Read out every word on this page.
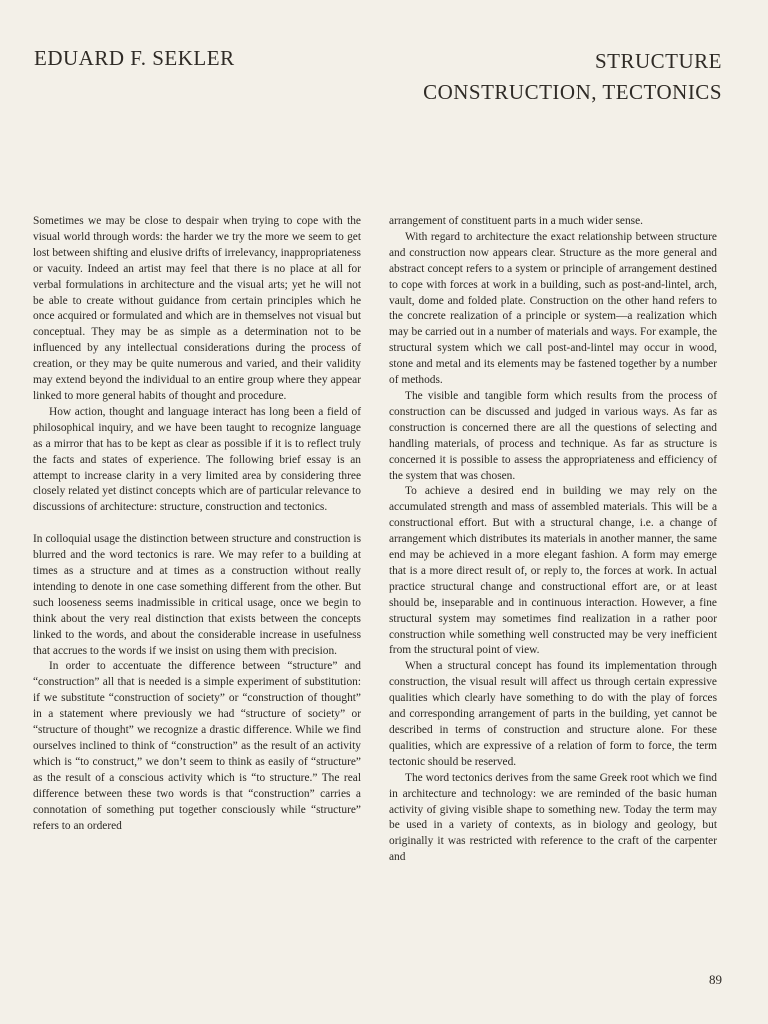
EDUARD F. SEKLER	STRUCTURE
CONSTRUCTION, TECTONICS

Sometimes we may be close to despair when trying to cope with the visual world through words: the harder we try the more we seem to get lost between shifting and elusive drifts of irrelevancy, inappropriateness or vacuity. Indeed an artist may feel that there is no place at all for verbal formulations in architecture and the visual arts; yet he will not be able to create without guidance from certain principles which he once acquired or formulated and which are in themselves not visual but conceptual. They may be as simple as a determination not to be influenced by any intellectual considerations during the process of creation, or they may be quite numerous and varied, and their validity may extend beyond the individual to an entire group where they appear linked to more general habits of thought and procedure.

How action, thought and language interact has long been a field of philosophical inquiry, and we have been taught to recognize language as a mirror that has to be kept as clear as possible if it is to reflect truly the facts and states of experience. The following brief essay is an attempt to increase clarity in a very limited area by considering three closely related yet distinct concepts which are of particular relevance to discussions of architecture: structure, construction and tectonics.

In colloquial usage the distinction between structure and construction is blurred and the word tectonics is rare. We may refer to a building at times as a structure and at times as a construction without really intending to denote in one case something different from the other. But such looseness seems inadmissible in critical usage, once we begin to think about the very real distinction that exists between the concepts linked to the words, and about the considerable increase in usefulness that accrues to the words if we insist on using them with precision.

In order to accentuate the difference between “structure” and “construction” all that is needed is a simple experiment of substitution: if we substitute “construction of society” or “construction of thought” in a statement where previously we had “structure of society” or “structure of thought” we recognize a drastic difference. While we find ourselves inclined to think of “construction” as the result of an activity which is “to construct,” we don’t seem to think as easily of “structure” as the result of a conscious activity which is “to structure.” The real difference between these two words is that “construction” carries a connotation of something put together consciously while “structure” refers to an ordered

arrangement of constituent parts in a much wider sense.

With regard to architecture the exact relationship between structure and construction now appears clear. Structure as the more general and abstract concept refers to a system or principle of arrangement destined to cope with forces at work in a building, such as post-and-lintel, arch, vault, dome and folded plate. Construction on the other hand refers to the concrete realization of a principle or system—a realization which may be carried out in a number of materials and ways. For example, the structural system which we call post-and-lintel may occur in wood, stone and metal and its elements may be fastened together by a number of methods.

The visible and tangible form which results from the process of construction can be discussed and judged in various ways. As far as construction is concerned there are all the questions of selecting and handling materials, of process and technique. As far as structure is concerned it is possible to assess the appropriateness and efficiency of the system that was chosen.

To achieve a desired end in building we may rely on the accumulated strength and mass of assembled materials. This will be a constructional effort. But with a structural change, i.e. a change of arrangement which distributes its materials in another manner, the same end may be achieved in a more elegant fashion. A form may emerge that is a more direct result of, or reply to, the forces at work. In actual practice structural change and constructional effort are, or at least should be, inseparable and in continuous interaction. However, a fine structural system may sometimes find realization in a rather poor construction while something well constructed may be very inefficient from the structural point of view.

When a structural concept has found its implementation through construction, the visual result will affect us through certain expressive qualities which clearly have something to do with the play of forces and corresponding arrangement of parts in the building, yet cannot be described in terms of construction and structure alone. For these qualities, which are expressive of a relation of form to force, the term tectonic should be reserved.

The word tectonics derives from the same Greek root which we find in architecture and technology: we are reminded of the basic human activity of giving visible shape to something new. Today the term may be used in a variety of contexts, as in biology and geology, but originally it was restricted with reference to the craft of the carpenter and

89
